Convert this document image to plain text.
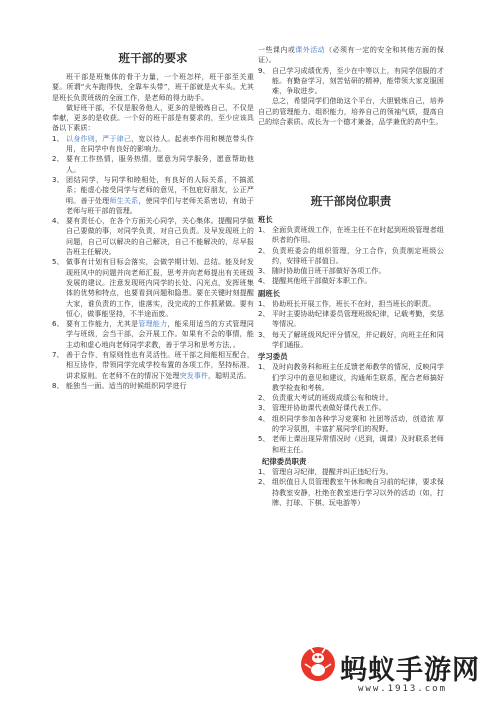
班干部的要求

班干部是班集体的骨干力量，一个班怎样，班干部至关重要。所谓“火车跑得快，全靠车头带”，班干部就是火车头。尤其是班长负责班级的全面工作，是老师的得力助手。

做好班干部，不仅是服务他人，更多的是锻炼自己，不仅是奉献，更多的是收获。一个好的班干部是有要求的，至少应该具备以下素质：

1、 以身作则，严于律己，宽以待人。起表率作用和模范带头作用，在同学中有良好的影响力。
2、 要有工作热情，服务热情，愿意为同学服务，愿意帮助他人。
3、 团结同学，与同学和睦相处，有良好的人际关系，不搞派系；能虚心接受同学与老师的意见，不包庇好朋友，公正严明。善于处理师生关系，使同学们与老师关系密切，有助于老师与班干部的管理。
4、 要有责任心，在各个方面关心同学，关心集体。提醒同学做自己要做的事，对同学负责，对自己负责。及早发现班上的问题，自己可以解决的自己解决，自己不能解决的，尽早报告班主任解决。
5、 做事有计划有目标会落实，会做学期计划、总结。能及时发现班风中的问题并向老师汇报，思考并向老师提出有关班级发展的建议。注意发现班内同学的长处、闪光点，发挥班集体的优势和特点，也要看到问题和隐患。要在关键时刻提醒大家，谁负责的工作，谁落实，没完成的工作抓紧做。要有恒心，做事能坚持，不半途而废。
6、 要有工作能力，尤其是管理能力，能采用适当的方式管理同学与班级，会当干部，会开展工作。如果有不会的事情，能主动和虚心地向老师同学求教，善于学习和思考方法，。
7、 善于合作，有原则性也有灵活性。班干部之间能相互配合，相互协作，带领同学完成学校布置的各项工作，坚持标准，讲求原则。在老师不在的情况下处理突发事件，聪明灵活。
8、 能独当一面。适当的时候组织同学进行

一些课内或课外活动（必须有一定的安全和其他方面的保证）。

9、 自己学习成绩优秀，至少在中等以上，有同学信服的才能。有勤奋学习，刻苦钻研的精神，能带领大家克服困难，争取进步。

总之，希望同学们借助这个平台，大胆锻炼自己，培养自己的管理能力、组织能力，培养自己的领袖气质，提高自己的综合素质。成长为一个德才兼备，品学兼优的高中生。

班干部岗位职责
班长
1、 全面负责班级工作，在班主任不在时起到班级管理者组织者的作用。
2、 负责班委会的组织管理，分工合作，负责制定班级公约，安排班干部值日。
3、 随时协助值日班干部做好各项工作。
4、 提醒其他班干部做好本职工作。
副班长
1、 协助班长开展工作，班长不在时，担当班长的职责。
2、 平时主要协助纪律委员管理班级纪律，记载考勤，奖惩等情况。
3、 每天了解班级风纪评分情况，并记载好，向班主任和同学们通报。
学习委员
1、 及时向教务科和班主任反馈老师教学的情况，反映同学们学习中的意见和建议，沟通师生联系，配合老师搞好教学检查和考核。
2、 负责重大考试的班级成绩公布和统计。
3、 管理并协助课代表做好课代表工作。
4、 组织同学参加各种学习竞赛和 社团等活动，创造浓 厚的学习氛围，丰富扩展同学们的视野。
5、 老师上课出现异常情况时（迟到，调课）及时联系老师和班主任。
纪律委员职责
1、 管理自习纪律，提醒并纠正违纪行为。
2、 组织值日人员管理教室午休和晚自习前的纪律，要求保持教室安静，杜绝在教室进行学习以外的活动（如，打牌、打球、下棋、玩电游等）
蚂蚁手游网
www.1913.com
